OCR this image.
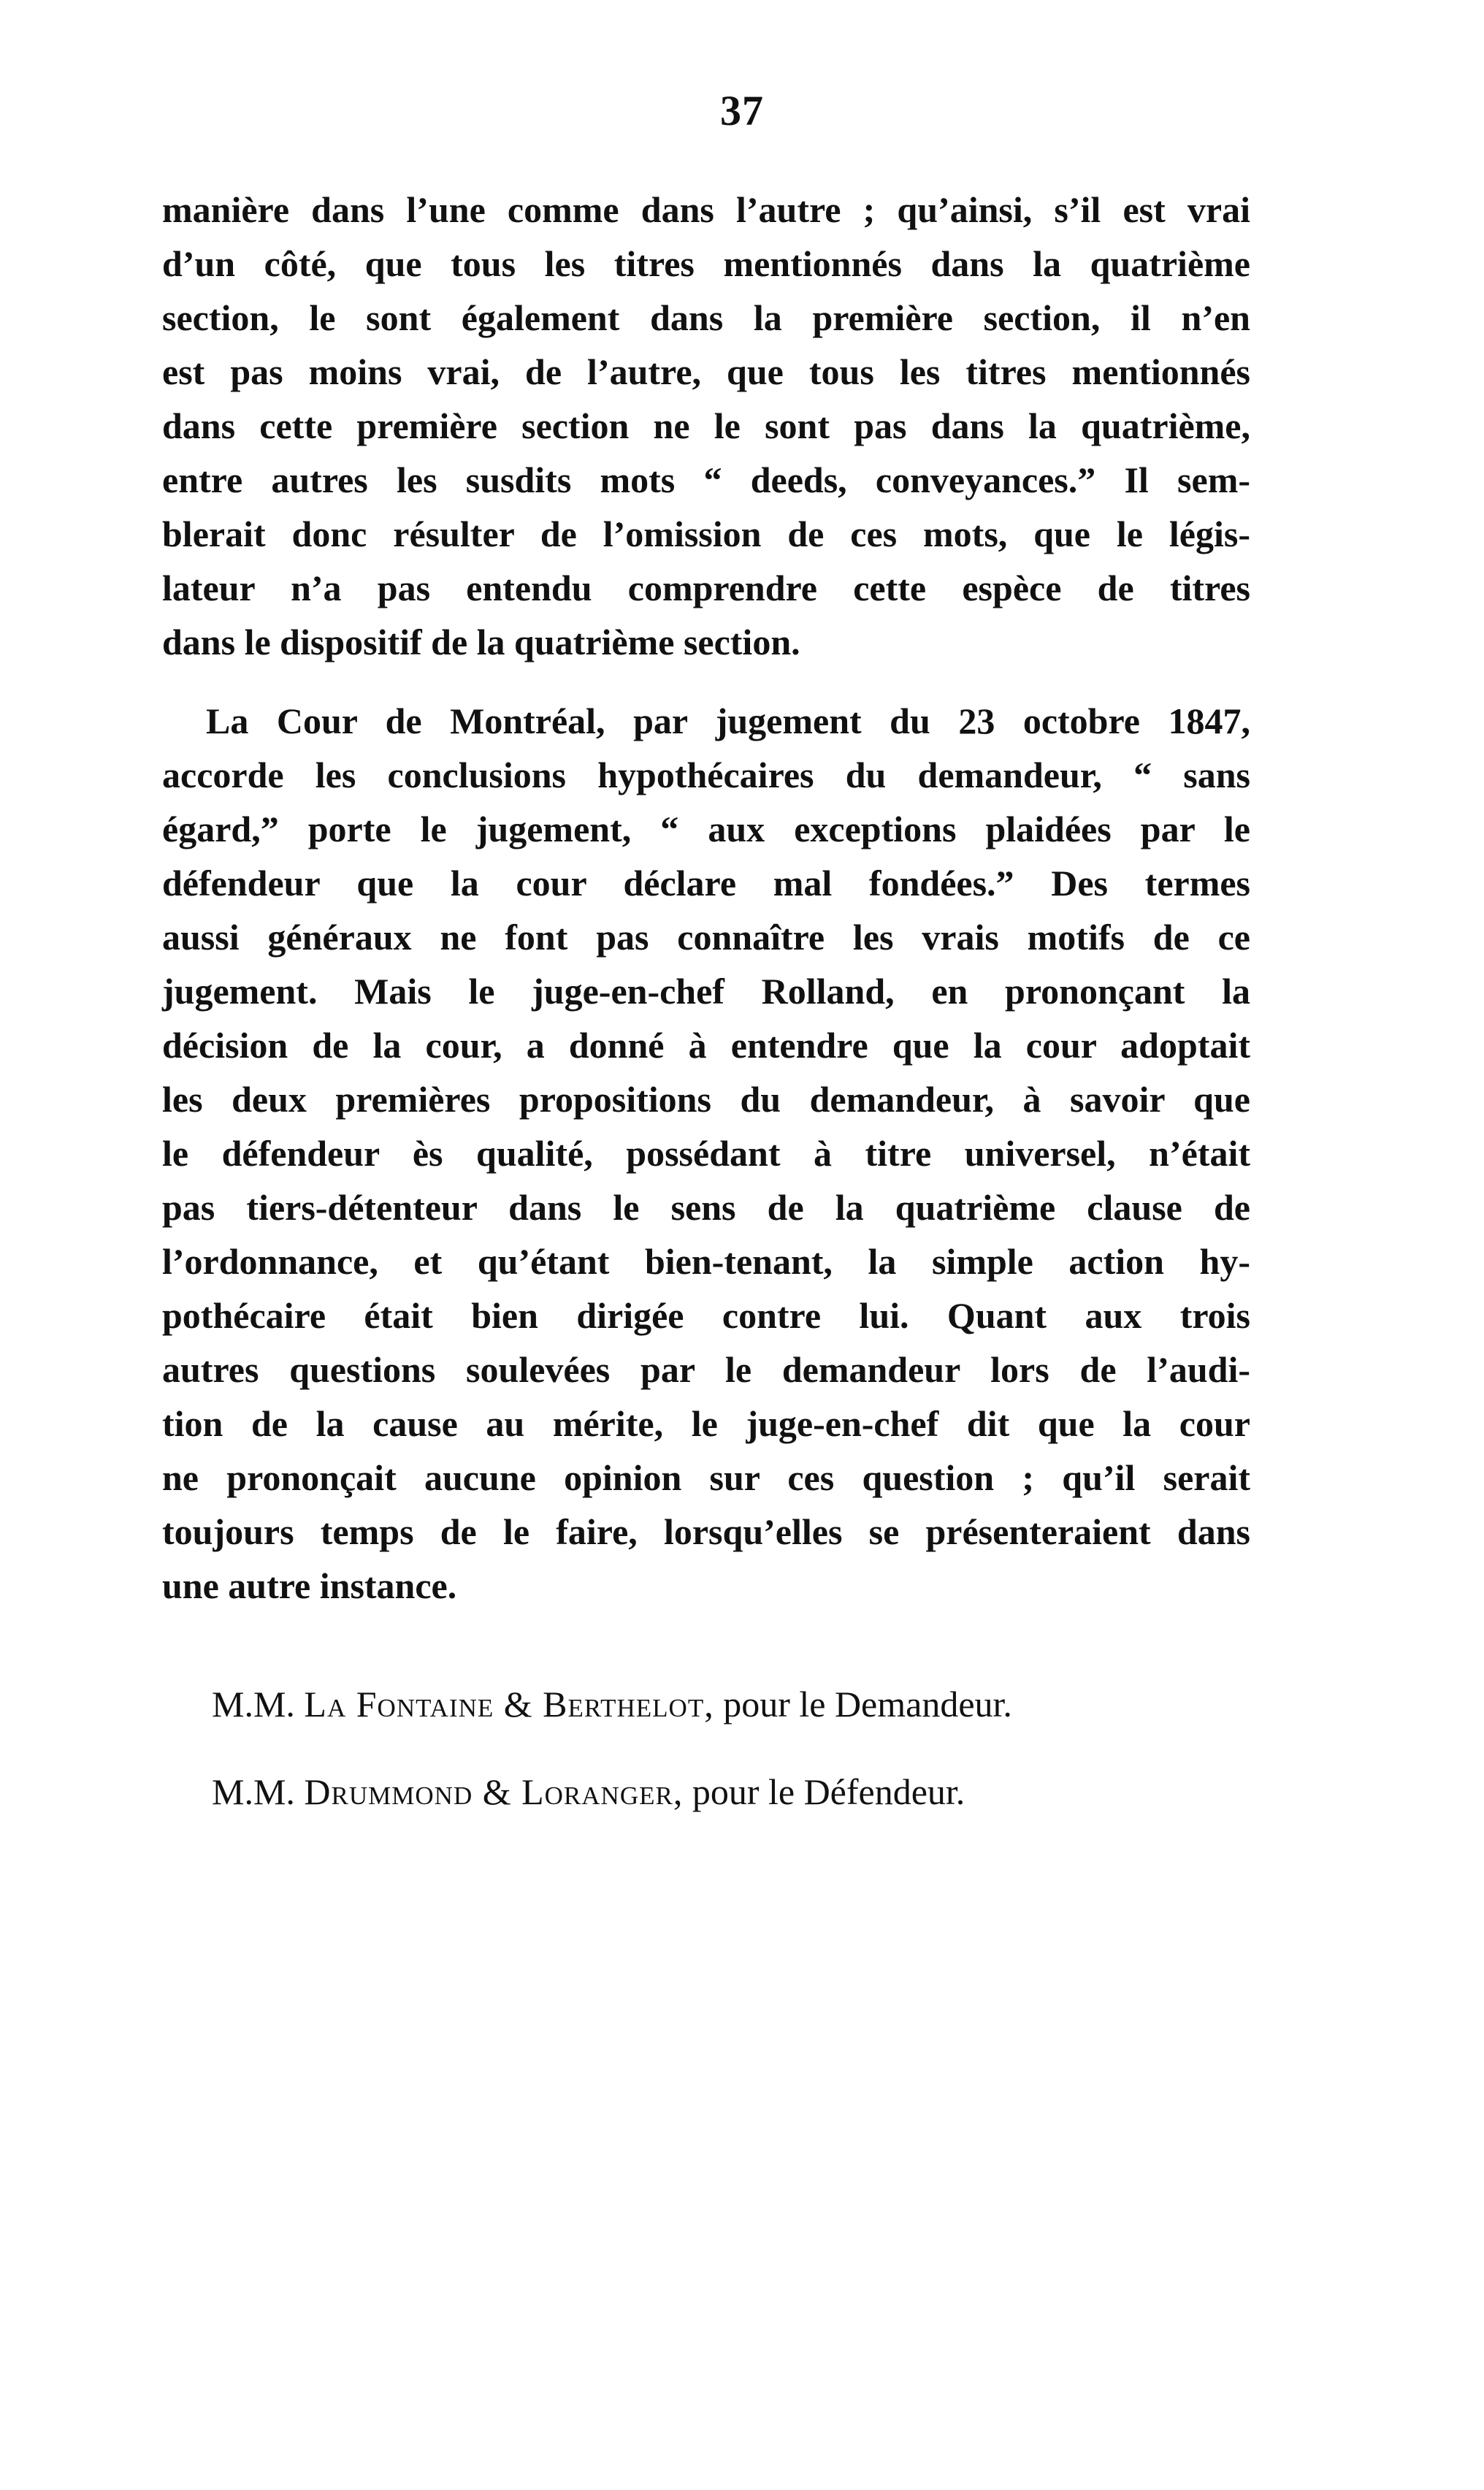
37
manière dans l’une comme dans l’autre ; qu’ainsi, s’il est vrai
d’un côté, que tous les titres mentionnés dans la quatrième
section, le sont également dans la première section, il n’en
est pas moins vrai, de l’autre, que tous les titres mentionnés
dans cette première section ne le sont pas dans la quatrième,
entre autres les susdits mots “ deeds, conveyances.” Il sem-
blerait donc résulter de l’omission de ces mots, que le légis-
lateur n’a pas entendu comprendre cette espèce de titres
dans le dispositif de la quatrième section.
La Cour de Montréal, par jugement du 23 octobre 1847,
accorde les conclusions hypothécaires du demandeur, “ sans
égard,” porte le jugement, “ aux exceptions plaidées par le
défendeur que la cour déclare mal fondées.” Des termes
aussi généraux ne font pas connaître les vrais motifs de ce
jugement. Mais le juge-en-chef Rolland, en prononçant la
décision de la cour, a donné à entendre que la cour adoptait
les deux premières propositions du demandeur, à savoir que
le défendeur ès qualité, possédant à titre universel, n’était
pas tiers-détenteur dans le sens de la quatrième clause de
l’ordonnance, et qu’étant bien-tenant, la simple action hy-
pothécaire était bien dirigée contre lui. Quant aux trois
autres questions soulevées par le demandeur lors de l’audi-
tion de la cause au mérite, le juge-en-chef dit que la cour
ne prononçait aucune opinion sur ces question ; qu’il serait
toujours temps de le faire, lorsqu’elles se présenteraient dans
une autre instance.
M.M. La Fontaine & Berthelot, pour le Demandeur.
M.M. Drummond & Loranger, pour le Défendeur.
